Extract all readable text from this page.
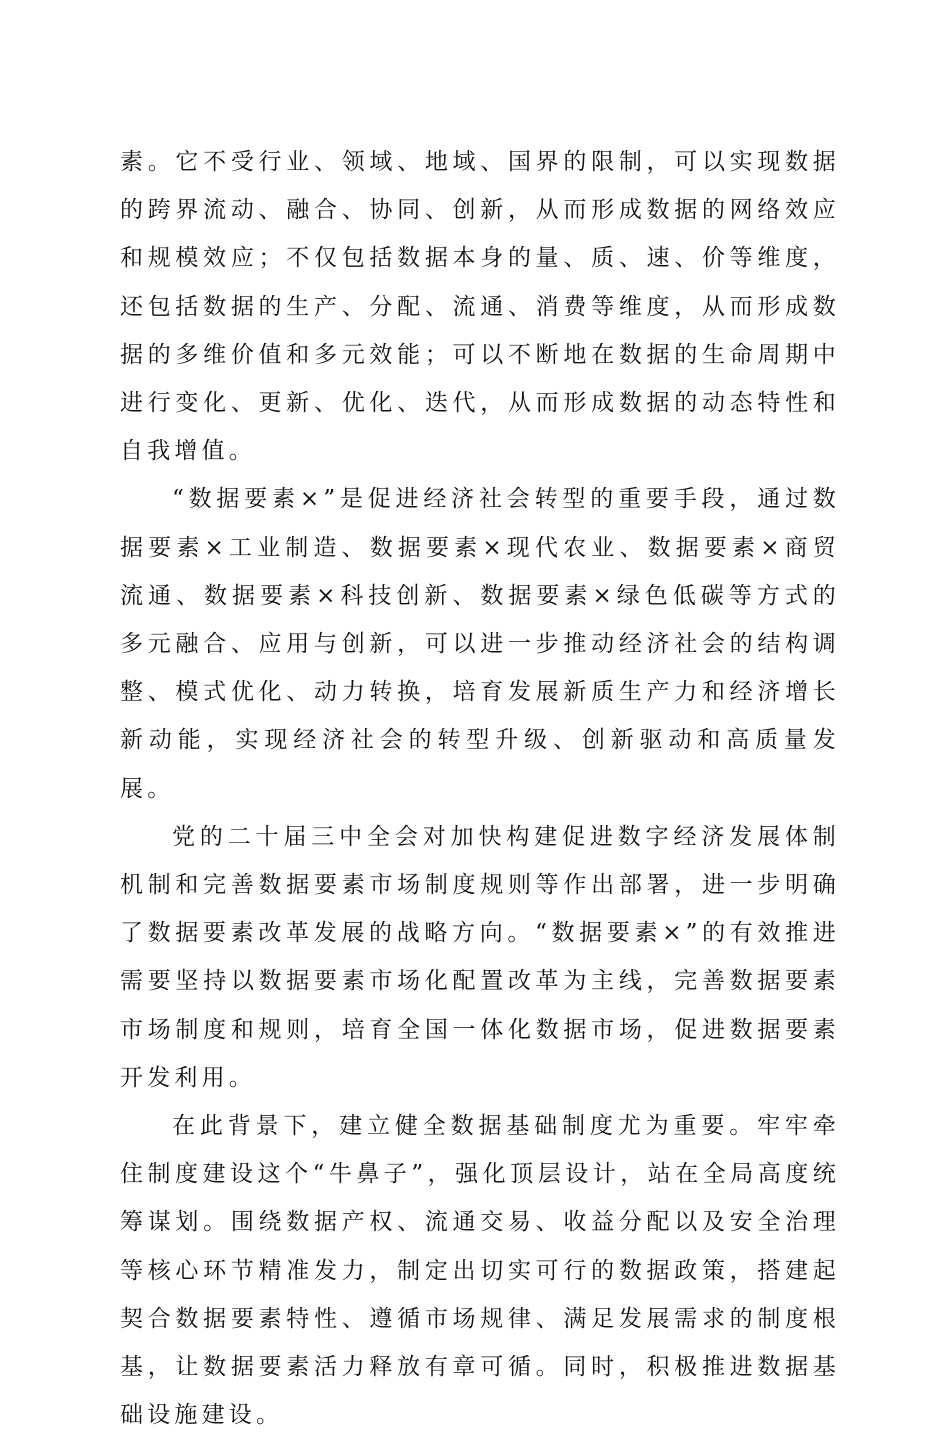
素。它不受行业、领域、地域、国界的限制，可以实现数据的跨界流动、融合、协同、创新，从而形成数据的网络效应和规模效应；不仅包括数据本身的量、质、速、价等维度，还包括数据的生产、分配、流通、消费等维度，从而形成数据的多维价值和多元效能；可以不断地在数据的生命周期中进行变化、更新、优化、迭代，从而形成数据的动态特性和自我增值。

“数据要素×”是促进经济社会转型的重要手段，通过数据要素×工业制造、数据要素×现代农业、数据要素×商贸流通、数据要素×科技创新、数据要素×绿色低碳等方式的多元融合、应用与创新，可以进一步推动经济社会的结构调整、模式优化、动力转换，培育发展新质生产力和经济增长新动能，实现经济社会的转型升级、创新驱动和高质量发展。

党的二十届三中全会对加快构建促进数字经济发展体制机制和完善数据要素市场制度规则等作出部署，进一步明确了数据要素改革发展的战略方向。“数据要素×”的有效推进需要坚持以数据要素市场化配置改革为主线，完善数据要素市场制度和规则，培育全国一体化数据市场，促进数据要素开发利用。

在此背景下，建立健全数据基础制度尤为重要。牢牢牵住制度建设这个“牛鼻子”，强化顶层设计，站在全局高度统筹谋划。围绕数据产权、流通交易、收益分配以及安全治理等核心环节精准发力，制定出切实可行的数据政策，搭建起契合数据要素特性、遵循市场规律、满足发展需求的制度根基，让数据要素活力释放有章可循。同时，积极推进数据基础设施建设。
